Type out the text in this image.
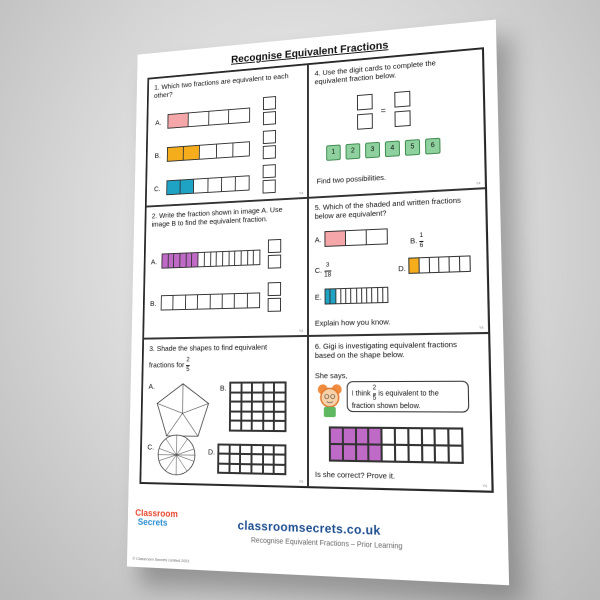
Recognise Equivalent Fractions
1. Which two fractions are equivalent to each other?
A.
B.
C.	Y4
4. Use the digit cards to complete the equivalent fraction below.
=
1	2	3	4	5	6
Find two possibilities.	Y4
2. Write the fraction shown in image A. Use image B to find the equivalent fraction.
A.
B.
Y4
5. Which of the shaded and written fractions below are equivalent?
A.	B. $\frac{1}{6}$
C. $\frac{3}{18}$	D.
E.
Explain how you know.	Y4
3. Shade the shapes to find equivalent
fractions for $\frac{2}{5}$
A.	B.
C.
D.
Y4
6. Gigi is investigating equivalent fractions based on the shape below.
She says,
I think $\frac{2}{5}$ is equivalent to the fraction shown below.
Is she correct? Prove it.
Y4
Classroom
Secrets	classroomsecrets.co.uk
Recognise Equivalent Fractions – Prior Learning
© Classroom Secrets Limited 2021
